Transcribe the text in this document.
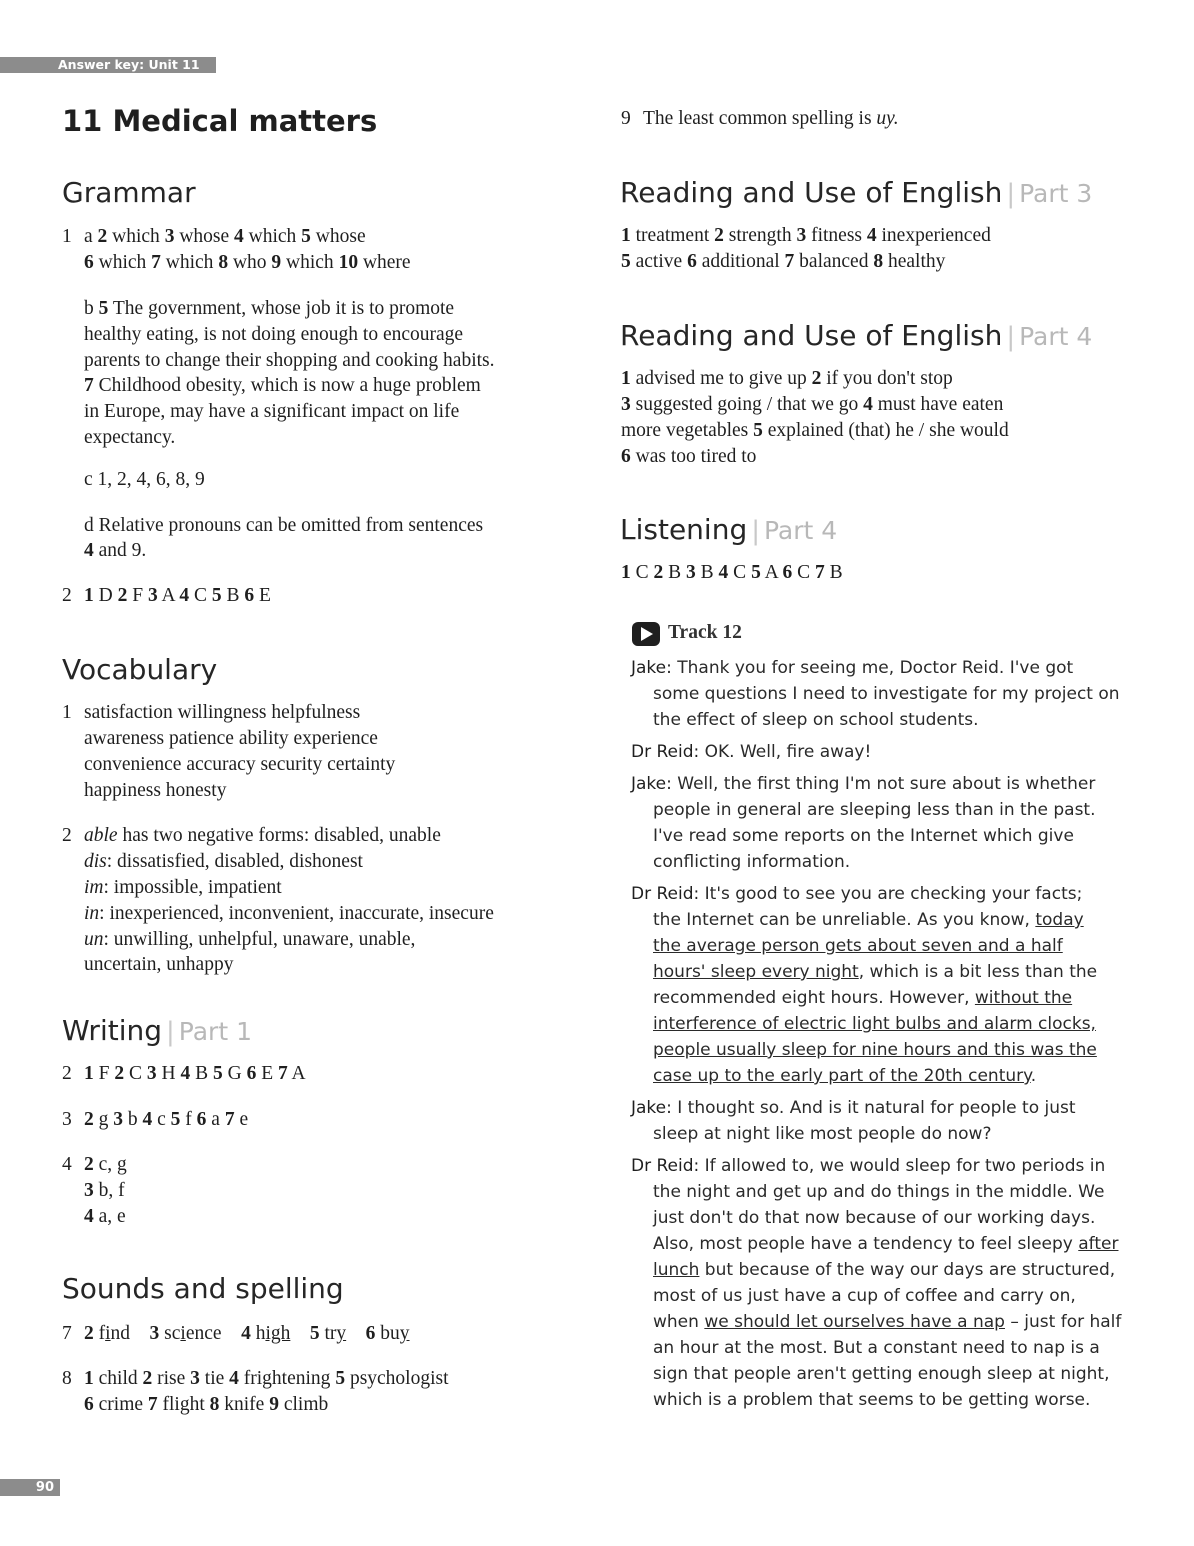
Answer key: Unit 11
90
11 Medical matters
Grammar
1 a 2 which 3 whose 4 which 5 whose
6 which 7 which 8 who 9 which 10 where
b 5 The government, whose job it is to promote
healthy eating, is not doing enough to encourage
parents to change their shopping and cooking habits.
7 Childhood obesity, which is now a huge problem
in Europe, may have a significant impact on life
expectancy.
c 1, 2, 4, 6, 8, 9
d Relative pronouns can be omitted from sentences
4 and 9.
2 1 D 2 F 3 A 4 C 5 B 6 E
Vocabulary
1 satisfaction willingness helpfulness
awareness patience ability experience
convenience accuracy security certainty
happiness honesty
2 able has two negative forms: disabled, unable
dis: dissatisfied, disabled, dishonest
im: impossible, impatient
in: inexperienced, inconvenient, inaccurate, insecure
un: unwilling, unhelpful, unaware, unable,
uncertain, unhappy
Writing | Part 1
2 1 F 2 C 3 H 4 B 5 G 6 E 7 A
3 2 g 3 b 4 c 5 f 6 a 7 e
4 2 c, g
3 b, f
4 a, e
Sounds and spelling
7 2 find 3 science 4 high 5 try 6 buy
8 1 child 2 rise 3 tie 4 frightening 5 psychologist
6 crime 7 flight 8 knife 9 climb
9 The least common spelling is uy.
Reading and Use of English | Part 3
1 treatment 2 strength 3 fitness 4 inexperienced
5 active 6 additional 7 balanced 8 healthy
Reading and Use of English | Part 4
1 advised me to give up 2 if you don't stop
3 suggested going / that we go 4 must have eaten
more vegetables 5 explained (that) he / she would
6 was too tired to
Listening | Part 4
1 C 2 B 3 B 4 C 5 A 6 C 7 B
Track 12
Jake: Thank you for seeing me, Doctor Reid. I've got
some questions I need to investigate for my project on
the effect of sleep on school students.
Dr Reid: OK. Well, fire away!
Jake: Well, the first thing I'm not sure about is whether
people in general are sleeping less than in the past.
I've read some reports on the Internet which give
conflicting information.
Dr Reid: It's good to see you are checking your facts;
the Internet can be unreliable. As you know, today
the average person gets about seven and a half
hours' sleep every night, which is a bit less than the
recommended eight hours. However, without the
interference of electric light bulbs and alarm clocks,
people usually sleep for nine hours and this was the
case up to the early part of the 20th century.
Jake: I thought so. And is it natural for people to just
sleep at night like most people do now?
Dr Reid: If allowed to, we would sleep for two periods in
the night and get up and do things in the middle. We
just don't do that now because of our working days.
Also, most people have a tendency to feel sleepy after
lunch but because of the way our days are structured,
most of us just have a cup of coffee and carry on,
when we should let ourselves have a nap – just for half
an hour at the most. But a constant need to nap is a
sign that people aren't getting enough sleep at night,
which is a problem that seems to be getting worse.
